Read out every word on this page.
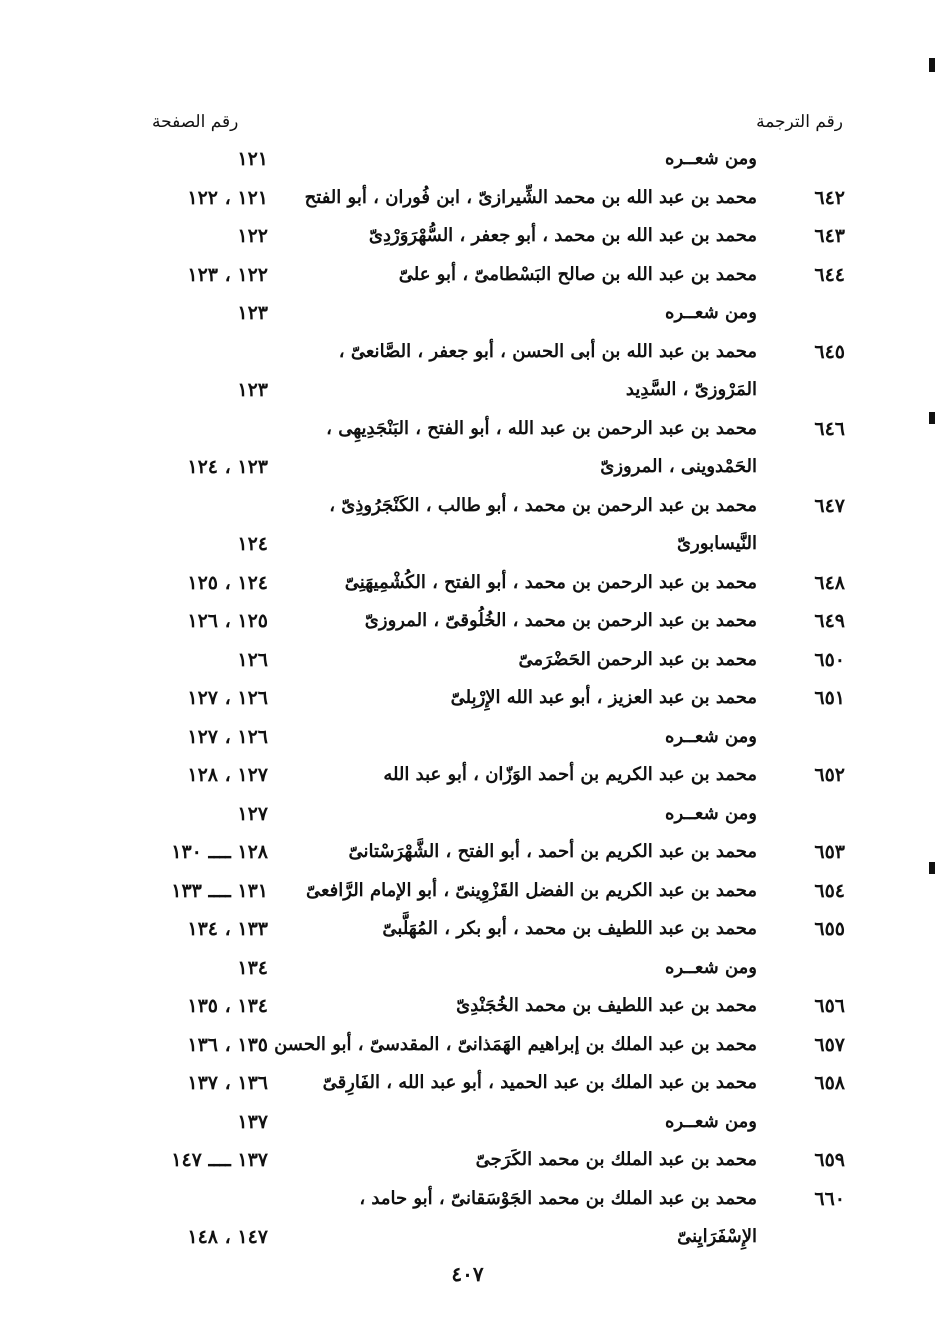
رقم الترجمة
رقم الصفحة
ومن شعــره
١٢١
٦٤٢
محمد بن عبد الله بن محمد الشِّيرازىّ ، ابن فُوران ، أبو الفتح
١٢١ ، ١٢٢
٦٤٣
محمد بن عبد الله بن محمد ، أبو جعفر ، السُّهْرَوَرْدِىّ
١٢٢
٦٤٤
محمد بن عبد الله بن صالح البَسْطامىّ ، أبو علىّ
١٢٢ ، ١٢٣
ومن شعــره
١٢٣
٦٤٥
محمد بن عبد الله بن أبى الحسن ، أبو جعفر ، الصَّانعىّ ،
المَرْوزىّ ، السَّدِيد
١٢٣
٦٤٦
محمد بن عبد الرحمن بن عبد الله ، أبو الفتح ، البَنْجَدِيهِى ،
الحَمْدوينى ، المروزىّ
١٢٣ ، ١٢٤
٦٤٧
محمد بن عبد الرحمن بن محمد ، أبو طالب ، الكَنْجَرُوذِىّ ،
النَّيسابورىّ
١٢٤
٦٤٨
محمد بن عبد الرحمن بن محمد ، أبو الفتح ، الكُشْمِيهَنِىّ
١٢٤ ، ١٢٥
٦٤٩
محمد بن عبد الرحمن بن محمد ، الخُلُوقىّ ، المروزىّ
١٢٥ ، ١٢٦
٦٥٠
محمد بن عبد الرحمن الحَضْرَمىّ
١٢٦
٦٥١
محمد بن عبد العزيز ، أبو عبد الله الإِرْبِلىّ
١٢٦ ، ١٢٧
ومن شعــره
١٢٦ ، ١٢٧
٦٥٢
محمد بن عبد الكريم بن أحمد الوَزّان ، أبو عبد الله
١٢٧ ، ١٢٨
ومن شعــره
١٢٧
٦٥٣
محمد بن عبد الكريم بن أحمد ، أبو الفتح ، الشَّهْرَسْتانىّ
١٢٨ ــــ ١٣٠
٦٥٤
محمد بن عبد الكريم بن الفضل القَزْوِينىّ ، أبو الإمام الرَّافعىّ
١٣١ ــــ ١٣٣
٦٥٥
محمد بن عبد اللطيف بن محمد ، أبو بكر ، المُهَلَّبىّ
١٣٣ ، ١٣٤
ومن شعــره
١٣٤
٦٥٦
محمد بن عبد اللطيف بن محمد الخُجَنْدِىّ
١٣٤ ، ١٣٥
٦٥٧
محمد بن عبد الملك بن إبراهيم الهَمَذانىّ ، المقدسىّ ، أبو الحسن
١٣٥ ، ١٣٦
٦٥٨
محمد بن عبد الملك بن عبد الحميد ، أبو عبد الله ، الفَارِقىّ
١٣٦ ، ١٣٧
ومن شعــره
١٣٧
٦٥٩
محمد بن عبد الملك بن محمد الكَرَجىّ
١٣٧ ــــ ١٤٧
٦٦٠
محمد بن عبد الملك بن محمد الجَوْسَقانىّ ، أبو حامد ،
الإِسْفَرَايِنىّ
١٤٧ ، ١٤٨
٤٠٧
